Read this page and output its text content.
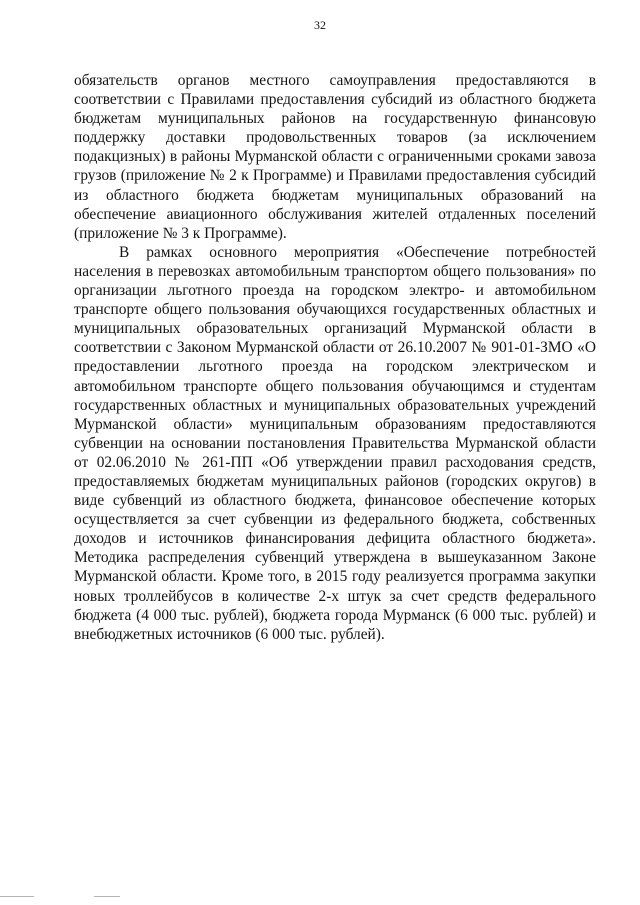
32

обязательств органов местного самоуправления предоставляются в соответствии с Правилами предоставления субсидий из областного бюджета бюджетам муниципальных районов на государственную финансовую поддержку доставки продовольственных товаров (за исключением подакцизных) в районы Мурманской области с ограниченными сроками завоза грузов (приложение № 2 к Программе) и Правилами предоставления субсидий из областного бюджета бюджетам муниципальных образований на обеспечение авиационного обслуживания жителей отдаленных поселений (приложение № 3 к Программе).

В рамках основного мероприятия «Обеспечение потребностей населения в перевозках автомобильным транспортом общего пользования» по организации льготного проезда на городском электро- и автомобильном транспорте общего пользования обучающихся государственных областных и муниципальных образовательных организаций Мурманской области в соответствии с Законом Мурманской области от 26.10.2007 № 901-01-ЗМО «О предоставлении льготного проезда на городском электрическом и автомобильном транспорте общего пользования обучающимся и студентам государственных областных и муниципальных образовательных учреждений Мурманской области» муниципальным образованиям предоставляются субвенции на основании постановления Правительства Мурманской области от 02.06.2010 № 261-ПП «Об утверждении правил расходования средств, предоставляемых бюджетам муниципальных районов (городских округов) в виде субвенций из областного бюджета, финансовое обеспечение которых осуществляется за счет субвенции из федерального бюджета, собственных доходов и источников финансирования дефицита областного бюджета». Методика распределения субвенций утверждена в вышеуказанном Законе Мурманской области. Кроме того, в 2015 году реализуется программа закупки новых троллейбусов в количестве 2-х штук за счет средств федерального бюджета (4 000 тыс. рублей), бюджета города Мурманск (6 000 тыс. рублей) и внебюджетных источников (6 000 тыс. рублей).
